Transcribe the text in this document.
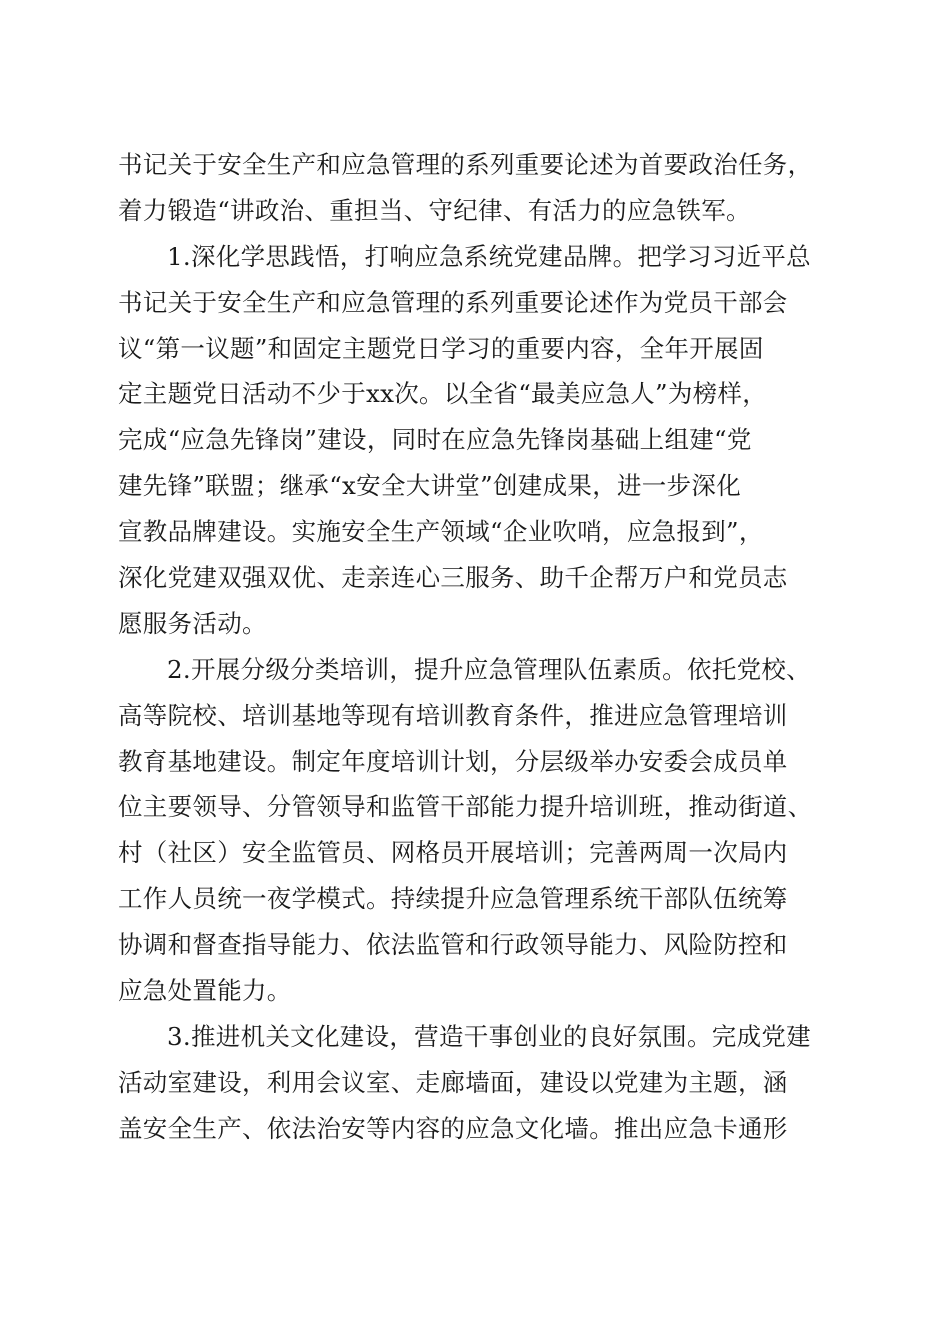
书记关于安全生产和应急管理的系列重要论述为首要政治任务，
着力锻造“讲政治、重担当、守纪律、有活力的应急铁军。
1.深化学思践悟，打响应急系统党建品牌。把学习习近平总
书记关于安全生产和应急管理的系列重要论述作为党员干部会
议“第一议题”和固定主题党日学习的重要内容，全年开展固
定主题党日活动不少于xx次。以全省“最美应急人”为榜样，
完成“应急先锋岗”建设，同时在应急先锋岗基础上组建“党
建先锋”联盟；继承“x安全大讲堂”创建成果，进一步深化
宣教品牌建设。实施安全生产领域“企业吹哨，应急报到”，
深化党建双强双优、走亲连心三服务、助千企帮万户和党员志
愿服务活动。
2.开展分级分类培训，提升应急管理队伍素质。依托党校、
高等院校、培训基地等现有培训教育条件，推进应急管理培训
教育基地建设。制定年度培训计划，分层级举办安委会成员单
位主要领导、分管领导和监管干部能力提升培训班，推动街道、
村（社区）安全监管员、网格员开展培训；完善两周一次局内
工作人员统一夜学模式。持续提升应急管理系统干部队伍统筹
协调和督查指导能力、依法监管和行政领导能力、风险防控和
应急处置能力。
3.推进机关文化建设，营造干事创业的良好氛围。完成党建
活动室建设，利用会议室、走廊墙面，建设以党建为主题，涵
盖安全生产、依法治安等内容的应急文化墙。推出应急卡通形
